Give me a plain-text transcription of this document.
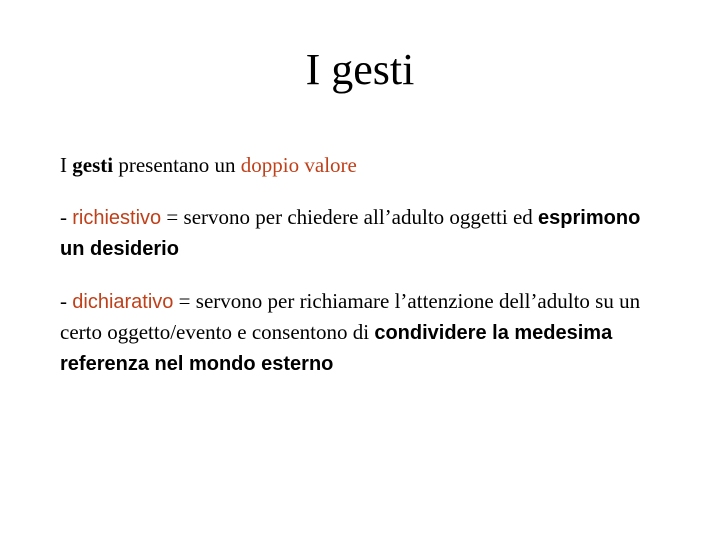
I gesti

I gesti presentano un doppio valore

- richiestivo = servono per chiedere all’adulto oggetti ed esprimono un desiderio

- dichiarativo = servono per richiamare l’attenzione dell’adulto su un certo oggetto/evento e consentono di condividere la medesima referenza nel mondo esterno
